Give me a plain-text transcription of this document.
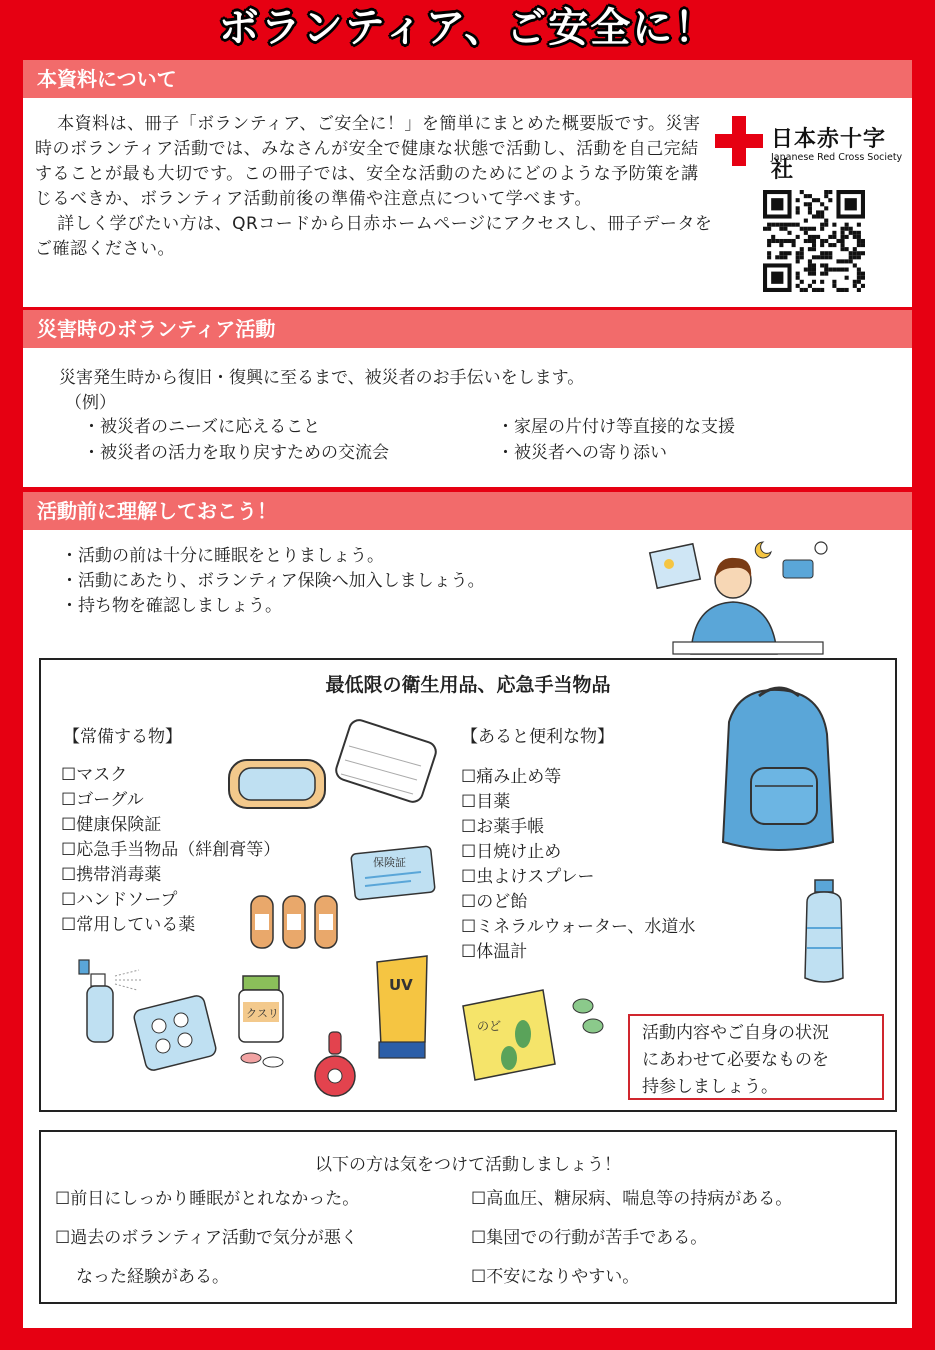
ボランティア、ご安全に！
本資料について

本資料は、冊子「ボランティア、ご安全に！」を簡単にまとめた概要版です。災害時のボランティア活動では、みなさんが安全で健康な状態で活動し、活動を自己完結することが最も大切です。この冊子では、安全な活動のためにどのような予防策を講じるべきか、ボランティア活動前後の準備や注意点について学べます。

詳しく学びたい方は、QRコードから日赤ホームページにアクセスし、冊子データをご確認ください。

日本赤十字社
Japanese Red Cross Society
災害時のボランティア活動
災害発生時から復旧・復興に至るまで、被災者のお手伝いをします。
（例）
・被災者のニーズに応えること	・家屋の片付け等直接的な支援
・被災者の活力を取り戻すための交流会	・被災者への寄り添い
活動前に理解しておこう！
・活動の前は十分に睡眠をとりましょう。
・活動にあたり、ボランティア保険へ加入しましょう。
・持ち物を確認しましょう。
最低限の衛生用品、応急手当物品
【常備する物】
☐マスク
☐ゴーグル
☐健康保険証
☐応急手当物品（絆創膏等）
☐携帯消毒薬
☐ハンドソープ
☐常用している薬
【あると便利な物】
☐痛み止め等
☐目薬
☐お薬手帳
☐日焼け止め
☐虫よけスプレー
☐のど飴
☐ミネラルウォーター、水道水
☐体温計
保険証
クスリ
UV
のど	活動内容やご自身の状況
にあわせて必要なものを
持参しましょう。
以下の方は気をつけて活動しましょう！
☐前日にしっかり睡眠がとれなかった。
☐過去のボランティア活動で気分が悪く
　なった経験がある。
☐高血圧、糖尿病、喘息等の持病がある。
☐集団での行動が苦手である。
☐不安になりやすい。
